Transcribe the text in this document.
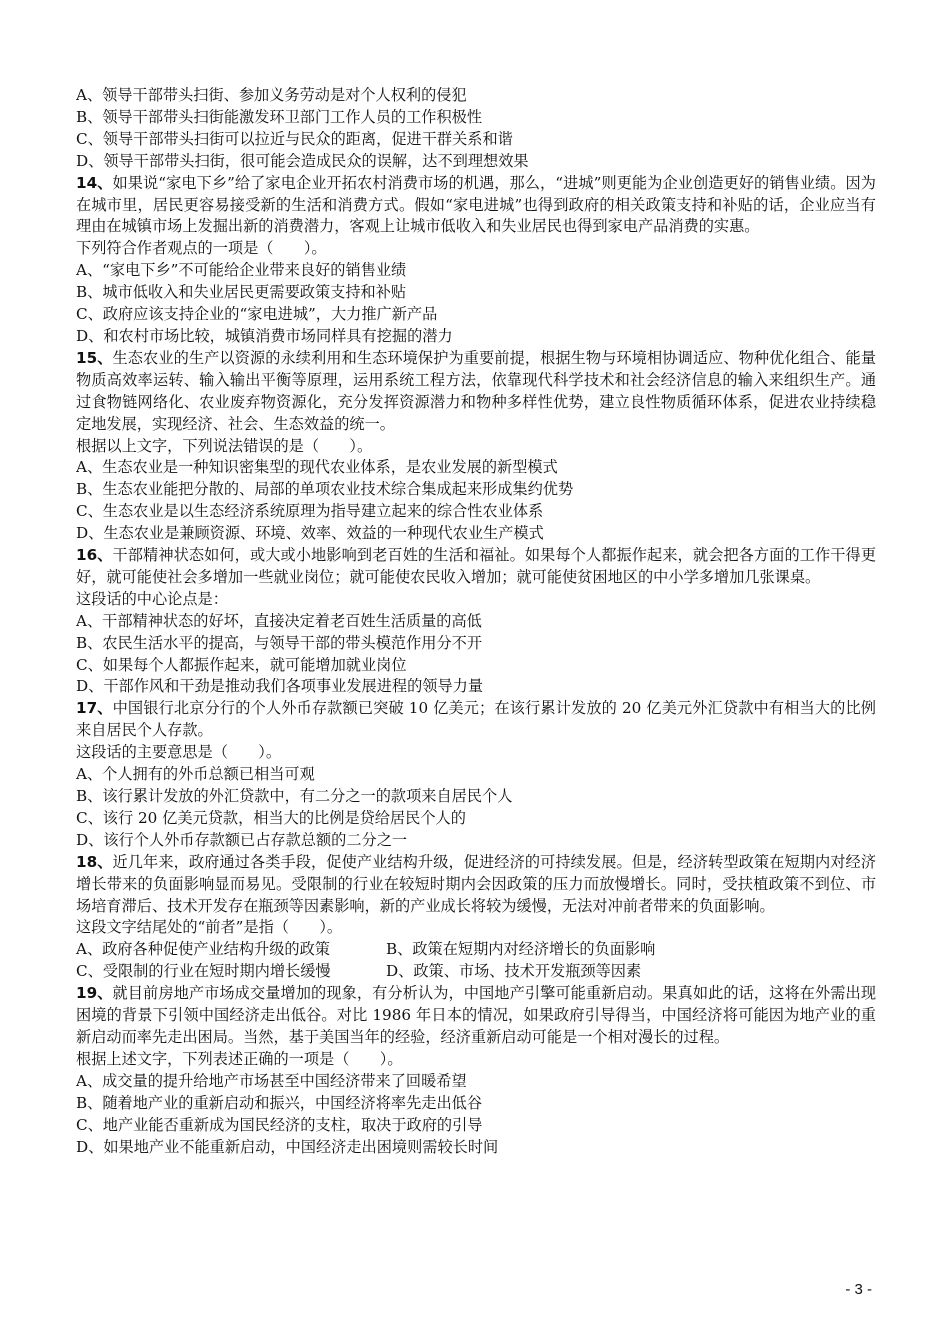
A、领导干部带头扫街、参加义务劳动是对个人权利的侵犯
B、领导干部带头扫街能激发环卫部门工作人员的工作积极性
C、领导干部带头扫街可以拉近与民众的距离，促进干群关系和谐
D、领导干部带头扫街，很可能会造成民众的误解，达不到理想效果
14、如果说“家电下乡”给了家电企业开拓农村消费市场的机遇，那么，“进城”则更能为企业创造更好的销售业绩。因为在城市里，居民更容易接受新的生活和消费方式。假如“家电进城”也得到政府的相关政策支持和补贴的话，企业应当有理由在城镇市场上发掘出新的消费潜力，客观上让城市低收入和失业居民也得到家电产品消费的实惠。
下列符合作者观点的一项是（　　）。
A、“家电下乡”不可能给企业带来良好的销售业绩
B、城市低收入和失业居民更需要政策支持和补贴
C、政府应该支持企业的“家电进城”，大力推广新产品
D、和农村市场比较，城镇消费市场同样具有挖掘的潜力
15、生态农业的生产以资源的永续利用和生态环境保护为重要前提，根据生物与环境相协调适应、物种优化组合、能量物质高效率运转、输入输出平衡等原理，运用系统工程方法，依靠现代科学技术和社会经济信息的输入来组织生产。通过食物链网络化、农业废弃物资源化，充分发挥资源潜力和物种多样性优势，建立良性物质循环体系，促进农业持续稳定地发展，实现经济、社会、生态效益的统一。
根据以上文字，下列说法错误的是（　　）。
A、生态农业是一种知识密集型的现代农业体系，是农业发展的新型模式
B、生态农业能把分散的、局部的单项农业技术综合集成起来形成集约优势
C、生态农业是以生态经济系统原理为指导建立起来的综合性农业体系
D、生态农业是兼顾资源、环境、效率、效益的一种现代农业生产模式
16、干部精神状态如何，或大或小地影响到老百姓的生活和福祉。如果每个人都振作起来，就会把各方面的工作干得更好，就可能使社会多增加一些就业岗位；就可能使农民收入增加；就可能使贫困地区的中小学多增加几张课桌。
这段话的中心论点是：
A、干部精神状态的好坏，直接决定着老百姓生活质量的高低
B、农民生活水平的提高，与领导干部的带头模范作用分不开
C、如果每个人都振作起来，就可能增加就业岗位
D、干部作风和干劲是推动我们各项事业发展进程的领导力量
17、中国银行北京分行的个人外币存款额已突破 10 亿美元；在该行累计发放的 20 亿美元外汇贷款中有相当大的比例来自居民个人存款。
这段话的主要意思是（　　）。
A、个人拥有的外币总额已相当可观
B、该行累计发放的外汇贷款中，有二分之一的款项来自居民个人
C、该行 20 亿美元贷款，相当大的比例是贷给居民个人的
D、该行个人外币存款额已占存款总额的二分之一
18、近几年来，政府通过各类手段，促使产业结构升级，促进经济的可持续发展。但是，经济转型政策在短期内对经济增长带来的负面影响显而易见。受限制的行业在较短时期内会因政策的压力而放慢增长。同时，受扶植政策不到位、市场培育滞后、技术开发存在瓶颈等因素影响，新的产业成长将较为缓慢，无法对冲前者带来的负面影响。
这段文字结尾处的“前者”是指（　　）。
A、政府各种促使产业结构升级的政策	B、政策在短期内对经济增长的负面影响
C、受限制的行业在短时期内增长缓慢	D、政策、市场、技术开发瓶颈等因素
19、就目前房地产市场成交量增加的现象，有分析认为，中国地产引擎可能重新启动。果真如此的话，这将在外需出现困境的背景下引领中国经济走出低谷。对比 1986 年日本的情况，如果政府引导得当，中国经济将可能因为地产业的重新启动而率先走出困局。当然，基于美国当年的经验，经济重新启动可能是一个相对漫长的过程。
根据上述文字，下列表述正确的一项是（　　）。
A、成交量的提升给地产市场甚至中国经济带来了回暖希望
B、随着地产业的重新启动和振兴，中国经济将率先走出低谷
C、地产业能否重新成为国民经济的支柱，取决于政府的引导
D、如果地产业不能重新启动，中国经济走出困境则需较长时间
- 3 -
